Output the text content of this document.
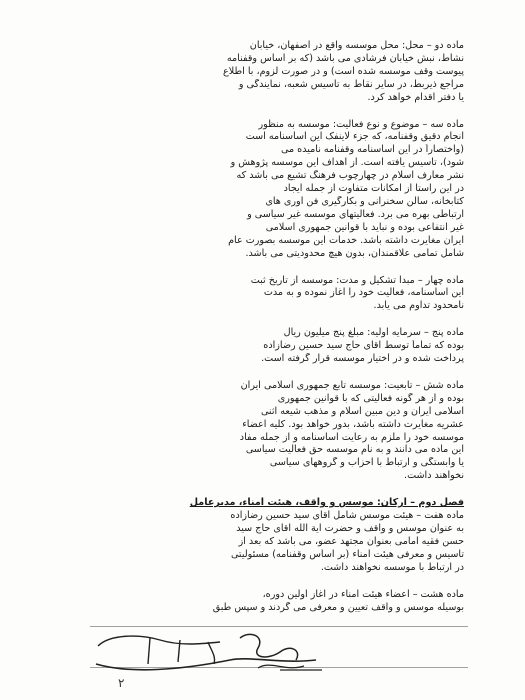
ماده دو – محل: محل موسسه واقع در اصفهان، خیابان
نشاط، نبش خیابان فرشادی می باشد (که بر اساس وقفنامه
پیوست وقف موسسه شده است) و در صورت لزوم، با اطلاع
مراجع ذیربط، در سایر نقاط به تاسیس شعبه، نمایندگی و
یا دفتر اقدام خواهد کرد.
ماده سه – موضوع و نوع فعالیت: موسسه به منظور
انجام دقیق وقفنامه، که جزء لاینفک این اساسنامه است
(واختصاراً در این اساسنامه وقفنامه نامیده می
شود)، تاسیس یافته است. از اهداف این موسسه پژوهش و
نشر معارف اسلام در چهارچوب فرهنگ تشیع می باشد که
در این راستا از امکانات متفاوت از جمله ایجاد
کتابخانه، سالن سخنرانی و بکارگیری فن آوری های
ارتباطی بهره می برد. فعالیتهای موسسه غیر سیاسی و
غیر انتفاعی بوده و نباید با قوانین جمهوری اسلامی
ایران مغایرت داشته باشد. خدمات این موسسه بصورت عام
شامل تمامی علاقمندان، بدون هیچ محدودیتی می باشد.
ماده چهار – مبدا تشکیل و مدت: موسسه از تاریخ ثبت
این اساسنامه، فعالیت خود را آغاز نموده و به مدت
نامحدود تداوم می یابد.
ماده پنج – سرمایه اولیه: مبلغ پنج میلیون ریال
بوده که تماماً توسط آقای حاج سید حسین رضازاده
پرداخت شده و در اختیار موسسه قرار گرفته است.
ماده شش – تابعیت: موسسه تابع جمهوری اسلامی ایران
بوده و از هر گونه فعالیتی که با قوانین جمهوری
اسلامی ایران و دین مبین اسلام و مذهب شیعه اثنی
عشریه مغایرت داشته باشد، بدور خواهد بود. کلیه اعضاء
موسسه خود را ملزم به رعایت اساسنامه و از جمله مفاد
این ماده می دانند و به نام موسسه حق فعالیت سیاسی
یا وابستگی و ارتباط با احزاب و گروههای سیاسی
نخواهند داشت.
فصل دوم – ارکان: موسس و واقف، هیئت امناء، مدیرعامل
ماده هفت – هیئت موسس شامل آقای سید حسین رضازاده
به عنوان موسس و واقف و حضرت آیة الله آقای حاج سید
حسن فقیه امامی بعنوان مجتهد عضو، می باشد که بعد از
تاسیس و معرفی هیئت امناء (بر اساس وقفنامه) مسئولیتی
در ارتباط با موسسه نخواهند داشت.
ماده هشت – اعضاء هیئت امناء در آغاز اولین دوره،
بوسیله موسس و واقف تعیین و معرفی می گردند و سپس طبق
۲
